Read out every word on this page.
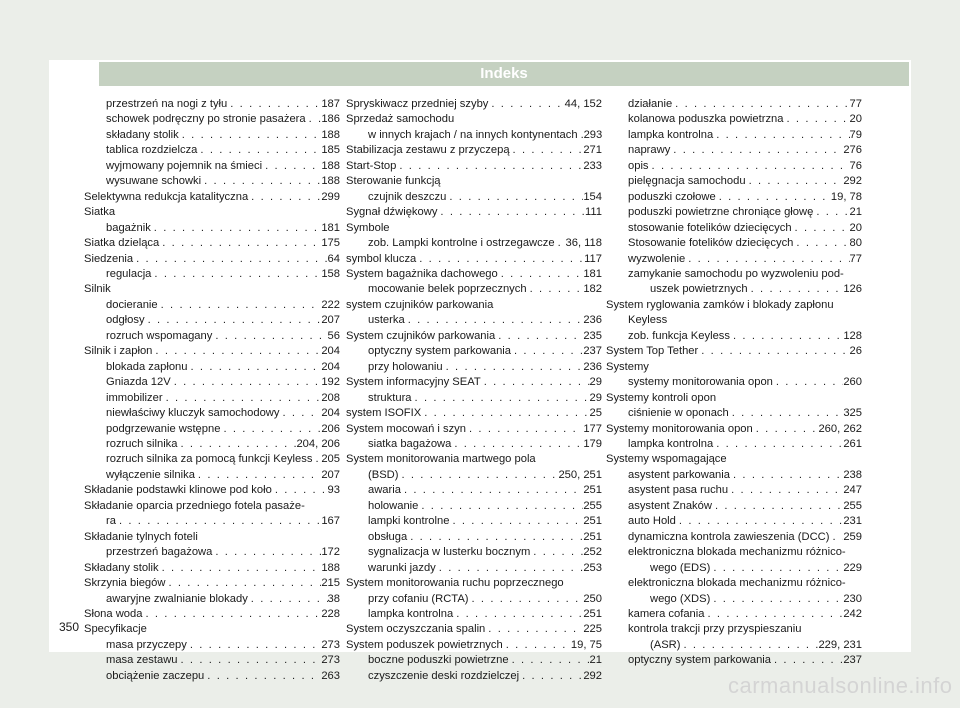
Indeks
przestrzeń na nogi z tyłu . . .	187
schowek podręczny po stronie pasażera . . . 186
składany stolik . . .	188
tablica rozdzielcza . . .	185
wyjmowany pojemnik na śmieci . . .	188
wysuwane schowki . . .	188
Selektywna redukcja katalityczna . . .	299
Siatka
bagażnik . . .	181
Siatka dzieląca . . .	175
Siedzenia . . .	64
regulacja . . .	158
Silnik
docieranie . . .	222
odgłosy . . .	207
rozruch wspomagany . . .	56
Silnik i zapłon . . .	204
blokada zapłonu . . .	204
Gniazda 12V . . .	192
immobilizer . . .	208
niewłaściwy kluczyk samochodowy . . .	204
podgrzewanie wstępne . . .	206
rozruch silnika . . .	204, 206
rozruch silnika za pomocą funkcji Keyless . . . 205
wyłączenie silnika . . .	207
Składanie podstawki klinowe pod koło . . .	93
Składanie oparcia przedniego fotela pasaże-
ra . . .	167
Składanie tylnych foteli
przestrzeń bagażowa . . .	172
Składany stolik . . .	188
Skrzynia biegów . . .	215
awaryjne zwalnianie blokady . . .	38
Słona woda . . .	228
Specyfikacje
masa przyczepy . . .	273
masa zestawu . . .	273
obciążenie zaczepu . . .	263
Spryskiwacz przedniej szyby . . .	44, 152
Sprzedaż samochodu
w innych krajach / na innych kontynentach . . . 293
Stabilizacja zestawu z przyczepą . . .	271
Start-Stop . . .	233
Sterowanie funkcją
czujnik deszczu . . .	154
Sygnał dźwiękowy . . .	111
Symbole
zob. Lampki kontrolne i ostrzegawcze . . . 36, 118
symbol klucza . . .	117
System bagażnika dachowego . . .	181
mocowanie belek poprzecznych . . .	182
system czujników parkowania
usterka . . .	236
System czujników parkowania . . .	235
optyczny system parkowania . . .	237
przy holowaniu . . .	236
System informacyjny SEAT . . .	29
struktura . . .	29
system ISOFIX . . .	25
System mocowań i szyn . . .	177
siatka bagażowa . . .	179
System monitorowania martwego pola
(BSD) . . .	250, 251
awaria . . .	251
holowanie . . .	255
lampki kontrolne . . .	251
obsługa . . .	251
sygnalizacja w lusterku bocznym . . .	252
warunki jazdy . . .	253
System monitorowania ruchu poprzecznego
przy cofaniu (RCTA) . . .	250
lampka kontrolna . . .	251
System oczyszczania spalin . . .	225
System poduszek powietrznych . . .	19, 75
boczne poduszki powietrzne . . .	21
czyszczenie deski rozdzielczej . . .	292
działanie . . .	77
kolanowa poduszka powietrzna . . .	20
lampka kontrolna . . .	79
naprawy . . .	276
opis . . .	76
pielęgnacja samochodu . . .	292
poduszki czołowe . . .	19, 78
poduszki powietrzne chroniące głowę . . .	21
stosowanie fotelików dziecięcych . . .	20
Stosowanie fotelików dziecięcych . . .	80
wyzwolenie . . .	77
zamykanie samochodu po wyzwoleniu pod-
uszek powietrznych . . .	126
System ryglowania zamków i blokady zapłonu
Keyless
zob. funkcja Keyless . . .	128
System Top Tether . . .	26
Systemy
systemy monitorowania opon . . .	260
Systemy kontroli opon
ciśnienie w oponach . . .	325
Systemy monitorowania opon . . .	260, 262
lampka kontrolna . . .	261
Systemy wspomagające
asystent parkowania . . .	238
asystent pasa ruchu . . .	247
asystent Znaków . . .	255
auto Hold . . .	231
dynamiczna kontrola zawieszenia (DCC) . . . 259
elektroniczna blokada mechanizmu różnico-
wego (EDS) . . .	229
elektroniczna blokada mechanizmu różnico-
wego (XDS) . . .	230
kamera cofania . . .	242
kontrola trakcji przy przyspieszaniu
(ASR) . . .	229, 231
optyczny system parkowania . . .	237
350
carmanualsonline.info
